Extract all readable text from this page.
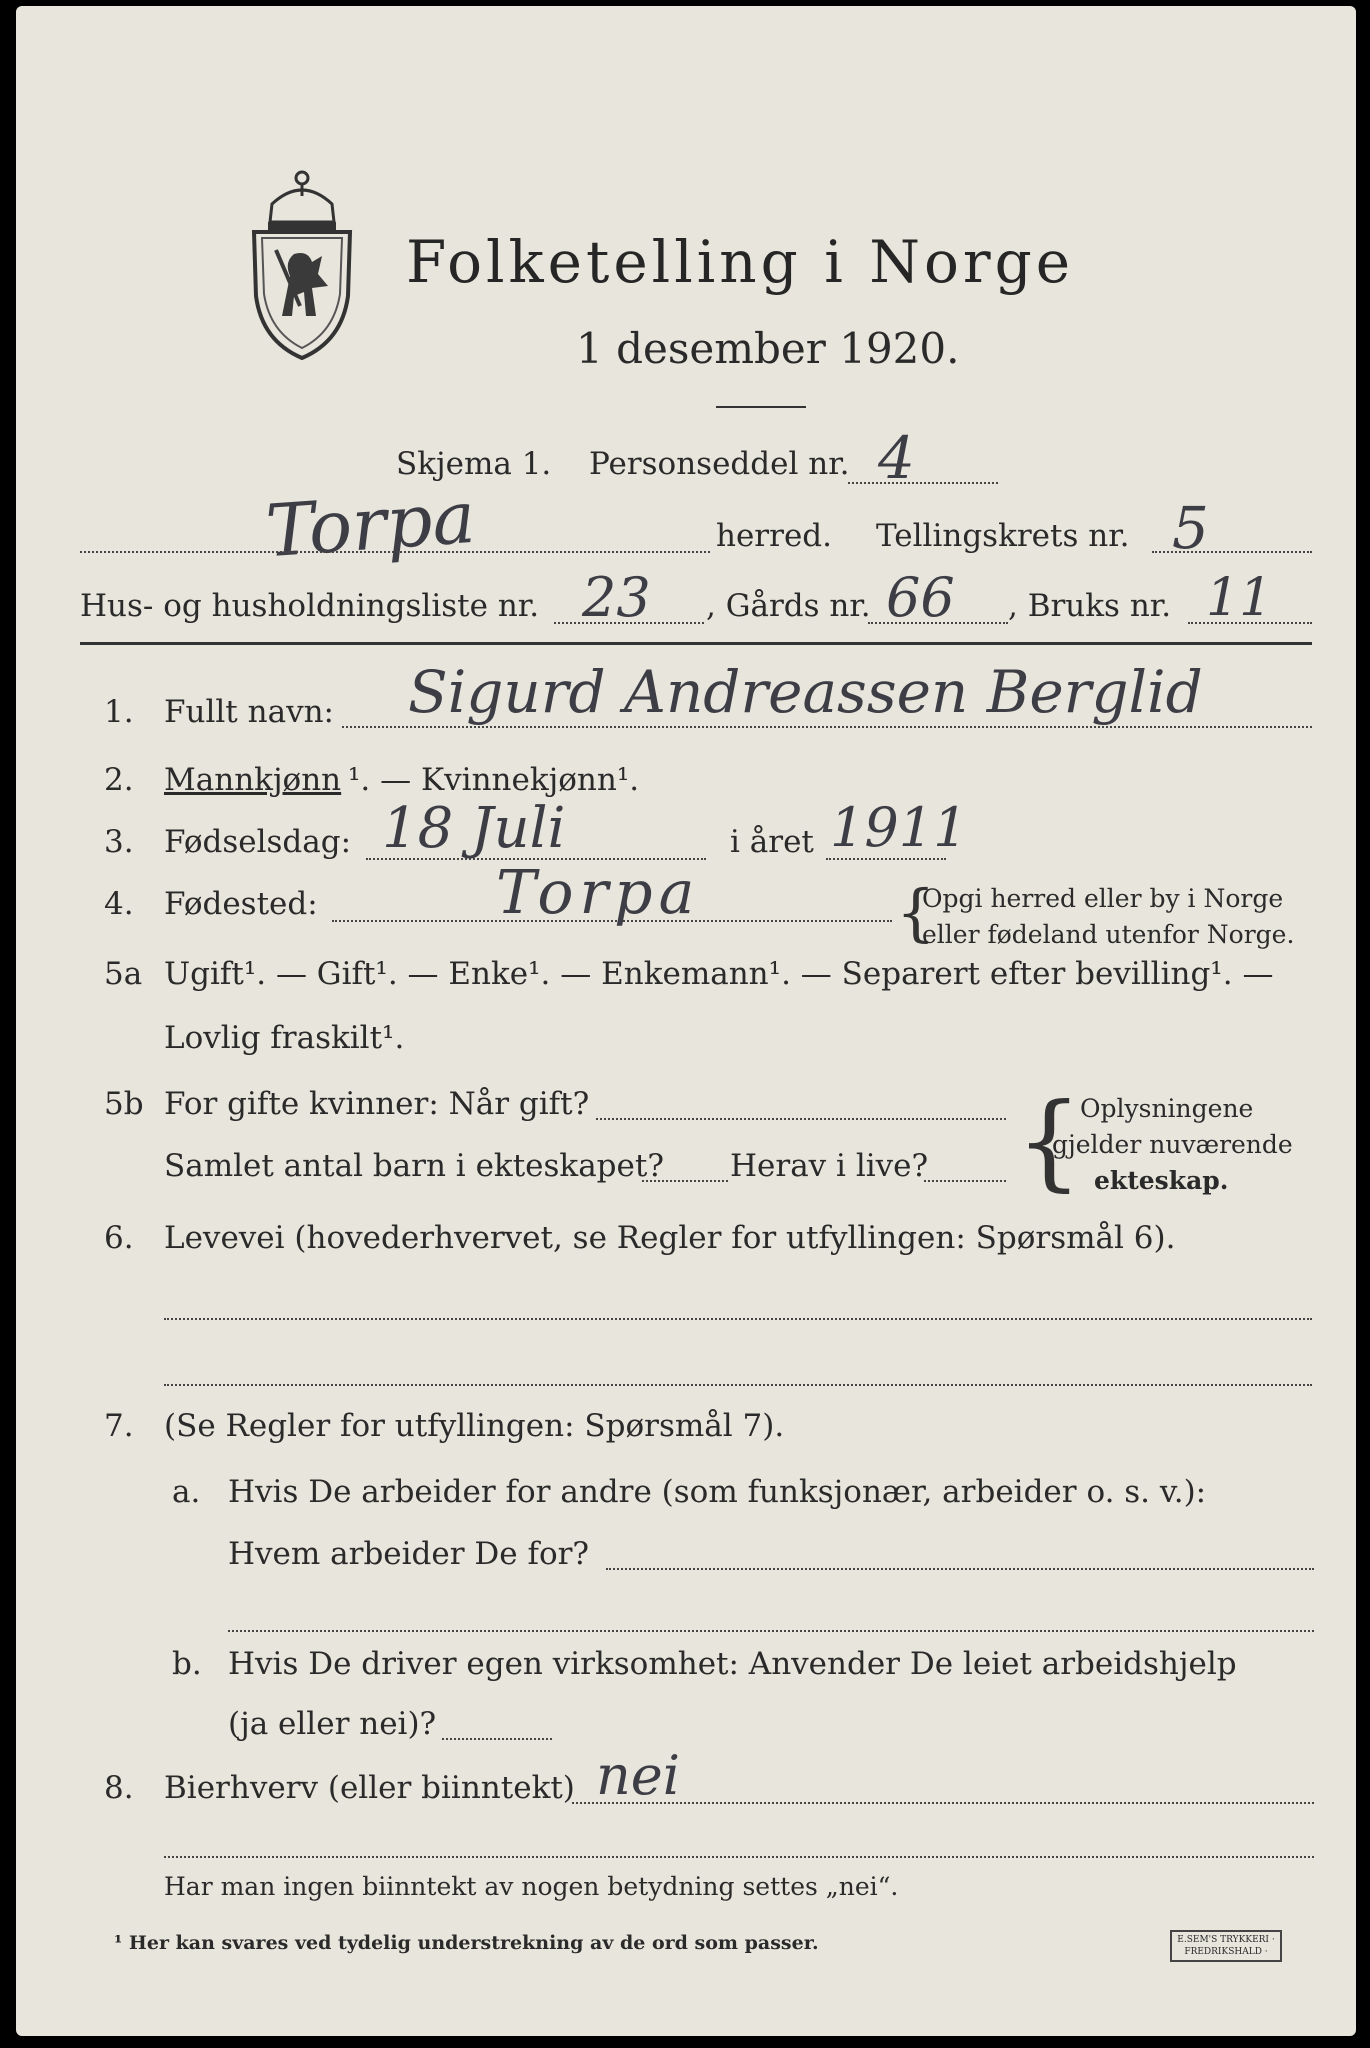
Folketelling i Norge
1 desember 1920.
Skjema 1. Personseddel nr. 4
Torpa	herred. Tellingskrets nr. 5
Hus- og husholdningsliste nr. 23 , Gårds nr. 66 , Bruks nr. 11
1. Fullt navn: Sigurd Andreassen Berglid
2. Mannkjønn ¹. — Kvinnekjønn¹.
3. Fødselsdag: 18 Juli	i året 1911
4. Fødested:	Torpa	{
Opgi herred eller by i Norge
eller fødeland utenfor Norge.
5a Ugift¹. — Gift¹. — Enke¹. — Enkemann¹. — Separert efter bevilling¹. —
Lovlig fraskilt¹.
5b For gifte kvinner: Når gift?
Samlet antal barn i ekteskapet? Herav i live? {
Oplysningene
gjelder nuværende
ekteskap.
6. Levevei (hovederhvervet, se Regler for utfyllingen: Spørsmål 6).
7. (Se Regler for utfyllingen: Spørsmål 7).
a. Hvis De arbeider for andre (som funksjonær, arbeider o. s. v.):
Hvem arbeider De for?
b. Hvis De driver egen virksomhet: Anvender De leiet arbeidshjelp
(ja eller nei)?
8. Bierhverv (eller biinntekt) nei
Har man ingen biinntekt av nogen betydning settes „nei“.
¹ Her kan svares ved tydelig understrekning av de ord som passer.	E.SEM'S TRYKKERI · FREDRIKSHALD ·
